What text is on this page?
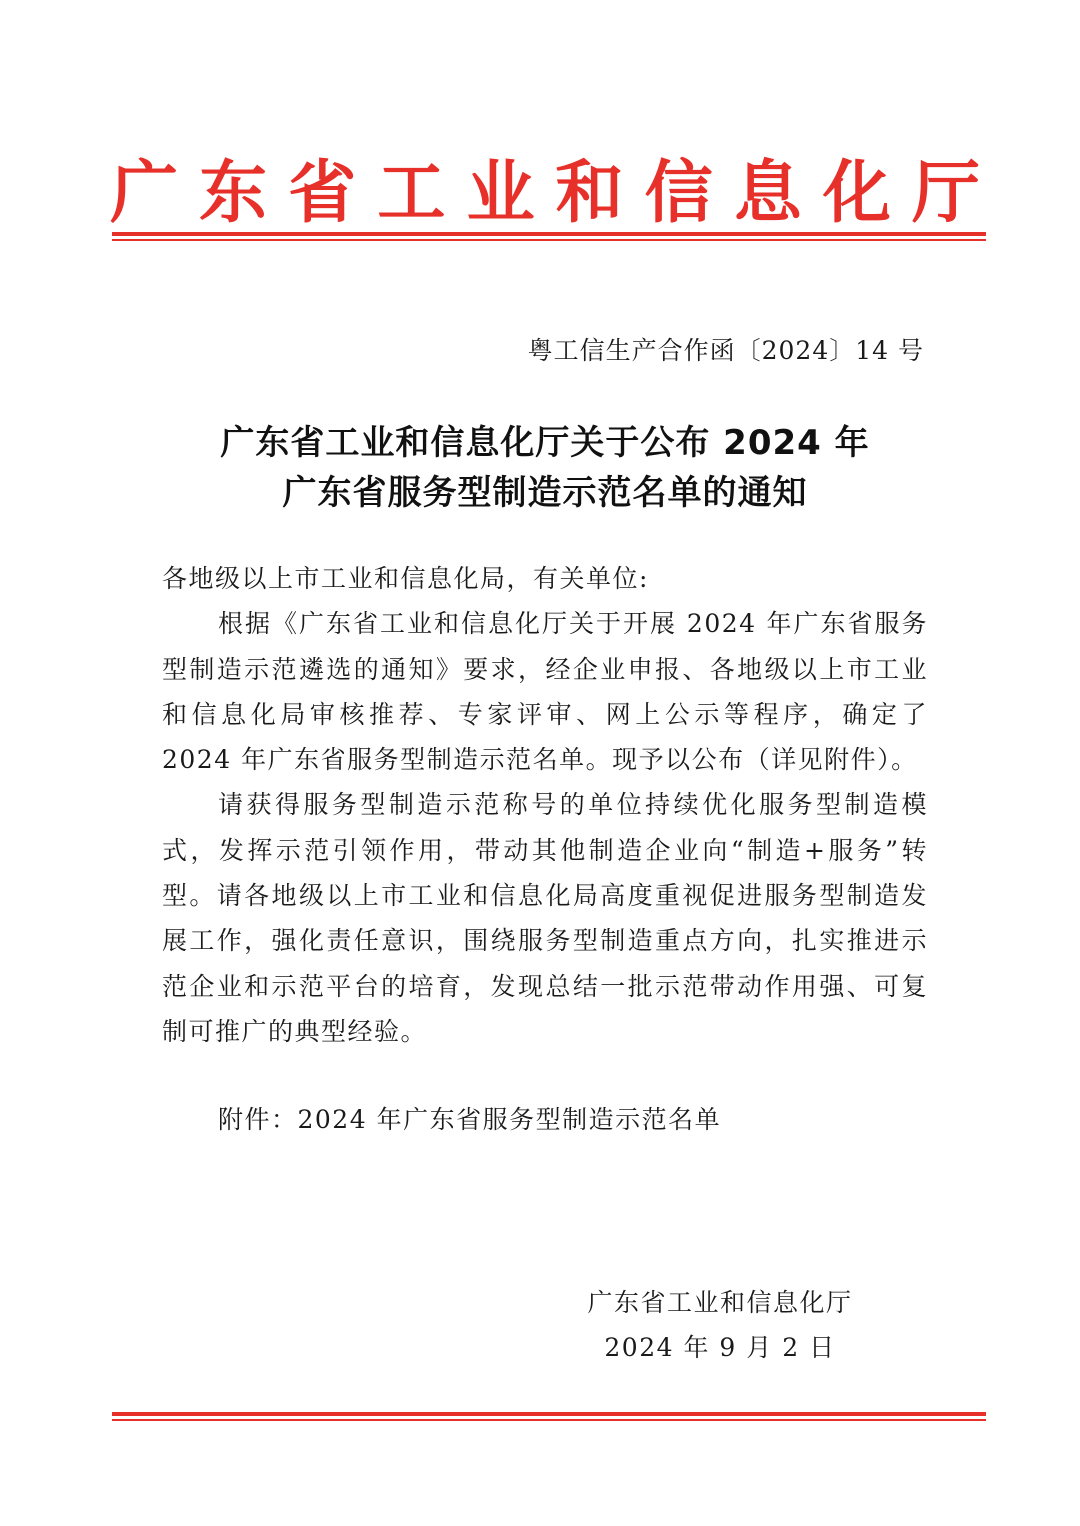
广 东 省 工 业 和 信 息 化 厅
粤工信生产合作函〔2024〕14 号
广东省工业和信息化厅关于公布 2024 年
广东省服务型制造示范名单的通知

各地级以上市工业和信息化局，有关单位:

根据《广东省工业和信息化厅关于开展 2024 年广东省服务型制造示范遴选的通知》要求，经企业申报、各地级以上市工业和信息化局审核推荐、专家评审、网上公示等程序，确定了 2024 年广东省服务型制造示范名单。现予以公布（详见附件）。

请获得服务型制造示范称号的单位持续优化服务型制造模式，发挥示范引领作用，带动其他制造企业向“制造+服务”转型。请各地级以上市工业和信息化局高度重视促进服务型制造发展工作，强化责任意识，围绕服务型制造重点方向，扎实推进示范企业和示范平台的培育，发现总结一批示范带动作用强、可复制可推广的典型经验。

附件：2024 年广东省服务型制造示范名单
广东省工业和信息化厅
2024 年 9 月 2 日
